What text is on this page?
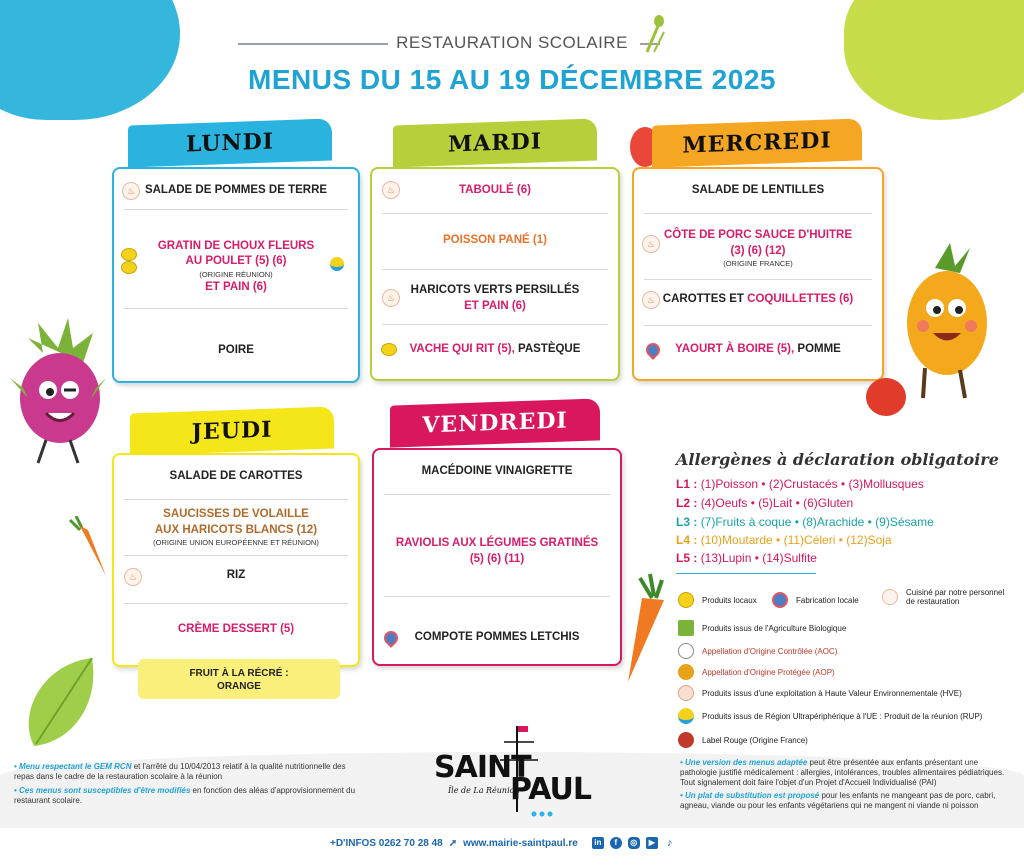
RESTAURATION SCOLAIRE
MENUS DU 15 AU 19 DÉCEMBRE 2025
LUNDI
♨ SALADE DE POMMES DE TERRE
GRATIN DE CHOUX FLEURS
AU POULET (5) (6)
(ORIGINE RÉUNION)
ET PAIN (6)
POIRE
MARDI
♨	TABOULÉ (6)
POISSON PANÉ (1)
♨
HARICOTS VERTS PERSILLÉS
ET PAIN (6)
VACHE QUI RIT (5),
PASTÈQUE
MERCREDI
SALADE DE LENTILLES
♨
CÔTE DE PORC SAUCE D'HUITRE
(3) (6) (12)
(ORIGINE FRANCE)
♨ CAROTTES ET
COQUILLETTES (6)
YAOURT À BOIRE (5),
POMME
JEUDI
SALADE DE CAROTTES
SAUCISSES DE VOLAILLE
AUX HARICOTS BLANCS (12)
(ORIGINE UNION EUROPÉENNE ET RÉUNION)
♨	RIZ
CRÈME DESSERT (5)
FRUIT À LA RÉCRÉ :
ORANGE
VENDREDI
MACÉDOINE VINAIGRETTE
RAVIOLIS AUX LÉGUMES GRATINÉS
(5) (6) (11)
COMPOTE POMMES LETCHIS
Allergènes à déclaration obligatoire
L1 : (1)Poisson • (2)Crustacés • (3)Mollusques
L2 : (4)Oeufs • (5)Lait • (6)Gluten
L3 : (7)Fruits à coque • (8)Arachide • (9)Sésame
L4 : (10)Moutarde • (11)Céleri • (12)Soja
L5 : (13)Lupin • (14)Sulfite
Produits locaux	Fabrication locale
Cuisiné par notre personnel de restauration
Produits issus de l'Agriculture Biologique
Appellation d'Origine Contrôlée (AOC)
Appellation d'Origine Protégée (AOP)
Produits issus d'une exploitation à Haute Valeur Environnementale (HVE)
Produits issus de Région Ultrapériphérique à l'UE : Produit de la réunion (RUP)
Label Rouge (Origine France)

• Menu respectant le GEM RCN et l'arrêté du 10/04/2013 relatif à la qualité nutritionnelle des repas dans le cadre de la restauration scolaire à la réunion

• Ces menus sont susceptibles d'être modifiés en fonction des aléas d'approvisionnement du restaurant scolaire.

• Une version des menus adaptée peut être présentée aux enfants présentant une pathologie justifié médicalement : allergies, intolérances, troubles alimentaires pédiatriques. Tout signalement doit faire l'objet d'un Projet d'Accueil Individualisé (PAI)

• Un plat de substitution est proposé pour les enfants ne mangeant pas de porc, cabri, agneau, viande ou pour les enfants végétariens qui ne mangent ni viande ni poisson

SAINT
PAUL
Île de La Réunion
+D'INFOS 0262 70 28 48 ➚ www.mairie-saintpaul.re	in	f	◎	▶ ♪
